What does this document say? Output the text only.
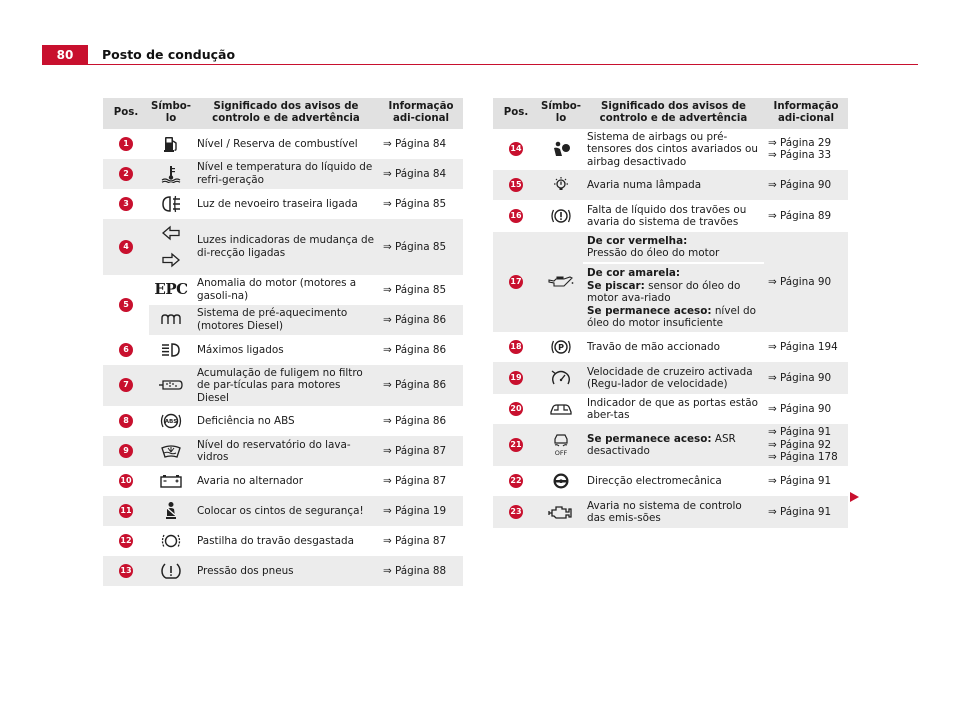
80	Posto de condução
Pos.	Símbo-lo	Significado dos avisos de controlo e de advertência	Informação adi-cional
1		Nível / Reserva de combustível	⇒ Página 84

2		Nível e temperatura do líquido de refri-geração	⇒ Página 84

3		Luz de nevoeiro traseira ligada	⇒ Página 85

4		Luzes indicadoras de mudança de di-recção ligadas	⇒ Página 85

5	EPC	Anomalia do motor (motores a gasoli-na)	⇒ Página 85

	Sistema de pré-aquecimento (motores Diesel)	⇒ Página 86

6		Máximos ligados	⇒ Página 86

7		Acumulação de fuligem no filtro de par-tículas para motores Diesel	⇒ Página 86

8	ABS	Deficiência no ABS	⇒ Página 86

9		Nível do reservatório do lava-vidros	⇒ Página 87

10		Avaria no alternador	⇒ Página 87

11		Colocar os cintos de segurança!	⇒ Página 19

12		Pastilha do travão desgastada	⇒ Página 87

13		Pressão dos pneus	⇒ Página 88
Pos.	Símbo-lo	Significado dos avisos de controlo e de advertência	Informação adi-cional
14		Sistema de airbags ou pré-tensores dos cintos avariados ou airbag desactivado	⇒ Página 29
⇒ Página 33

15		Avaria numa lâmpada	⇒ Página 90

16		Falta de líquido dos travões ou avaria do sistema de travões	⇒ Página 89

17		De cor vermelha:
Pressão do óleo do motor
De cor amarela:
Se piscar: sensor do óleo do motor ava-riado
Se permanece aceso: nível do óleo do motor insuficiente	⇒ Página 90

18	P	Travão de mão accionado	⇒ Página 194

19		Velocidade de cruzeiro activada (Regu-lador de velocidade)	⇒ Página 90

20		Indicador de que as portas estão aber-tas	⇒ Página 90

21	OFF	Se permanece aceso: ASR desactivado	⇒ Página 91
⇒ Página 92
⇒ Página 178

22		Direcção electromecânica	⇒ Página 91

23		Avaria no sistema de controlo das emis-sões	⇒ Página 91
